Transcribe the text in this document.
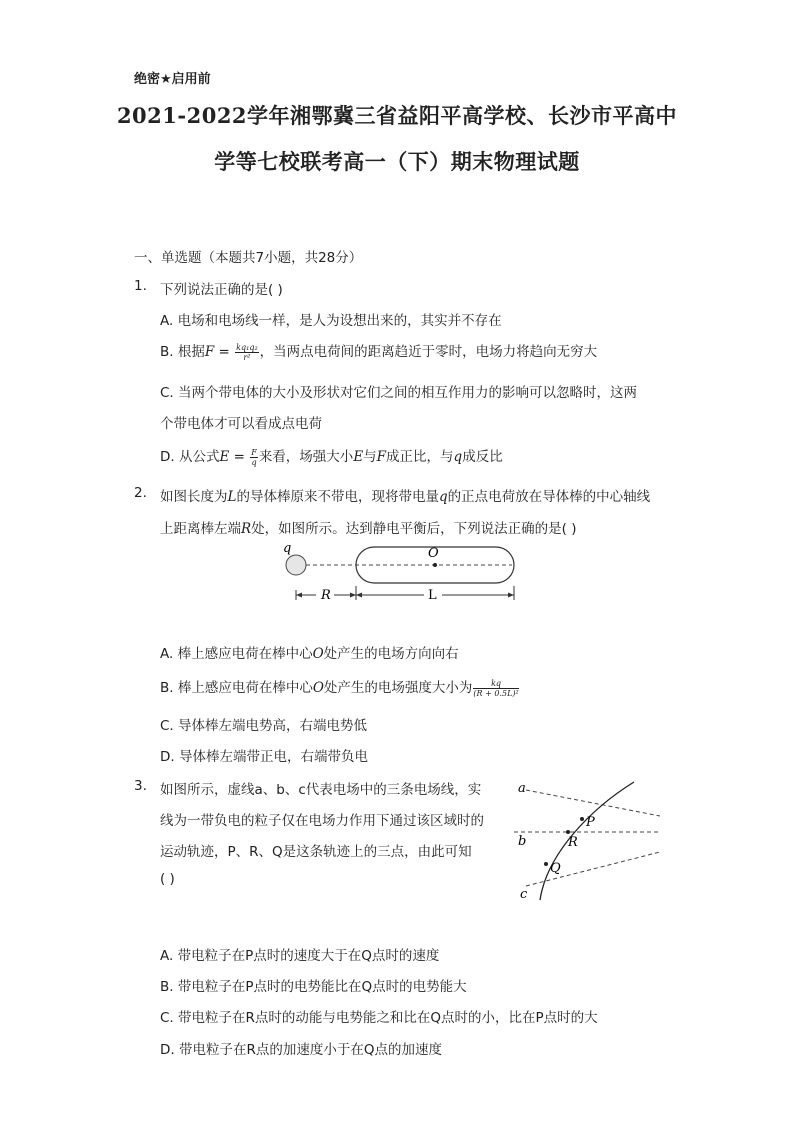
绝密★启用前
2021-2022学年湘鄂冀三省益阳平高学校、长沙市平高中
学等七校联考高一（下）期末物理试题
一、单选题（本题共7小题，共28分）
1. 下列说法正确的是( )
A. 电场和电场线一样，是人为设想出来的，其实并不存在
B. 根据$F = \frac{\text{kq₁q₂}}{\text{r²}}$ ，当两点电荷间的距离趋近于零时，电场力将趋向无穷大
C. 当两个带电体的大小及形状对它们之间的相互作用力的影响可以忽略时，这两
个带电体才可以看成点电荷
D. 从公式$E = \frac{F}{q}$ 来看，场强大小E与F成正比，与q成反比
2. 如图长度为L的导体棒原来不带电，现将带电量q的正点电荷放在导体棒的中心轴线
上距离棒左端R处，如图所示。达到静电平衡后，下列说法正确的是( )
q	O
R	L
A. 棒上感应电荷在棒中心O处产生的电场方向向右
B. 棒上感应电荷在棒中心O处产生的电场强度大小为 $\frac{kq}{\text{(R + 0.5L)²}}$
C. 导体棒左端电势高，右端电势低
D. 导体棒左端带正电，右端带负电
3. 如图所示，虚线a、b、c代表电场中的三条电场线，实
线为一带负电的粒子仅在电场力作用下通过该区域时的
运动轨迹，P、R、Q是这条轨迹上的三点，由此可知
( )
a
b
c
P
R
Q
A. 带电粒子在P点时的速度大于在Q点时的速度
B. 带电粒子在P点时的电势能比在Q点时的电势能大
C. 带电粒子在R点时的动能与电势能之和比在Q点时的小，比在P点时的大
D. 带电粒子在R点的加速度小于在Q点的加速度
